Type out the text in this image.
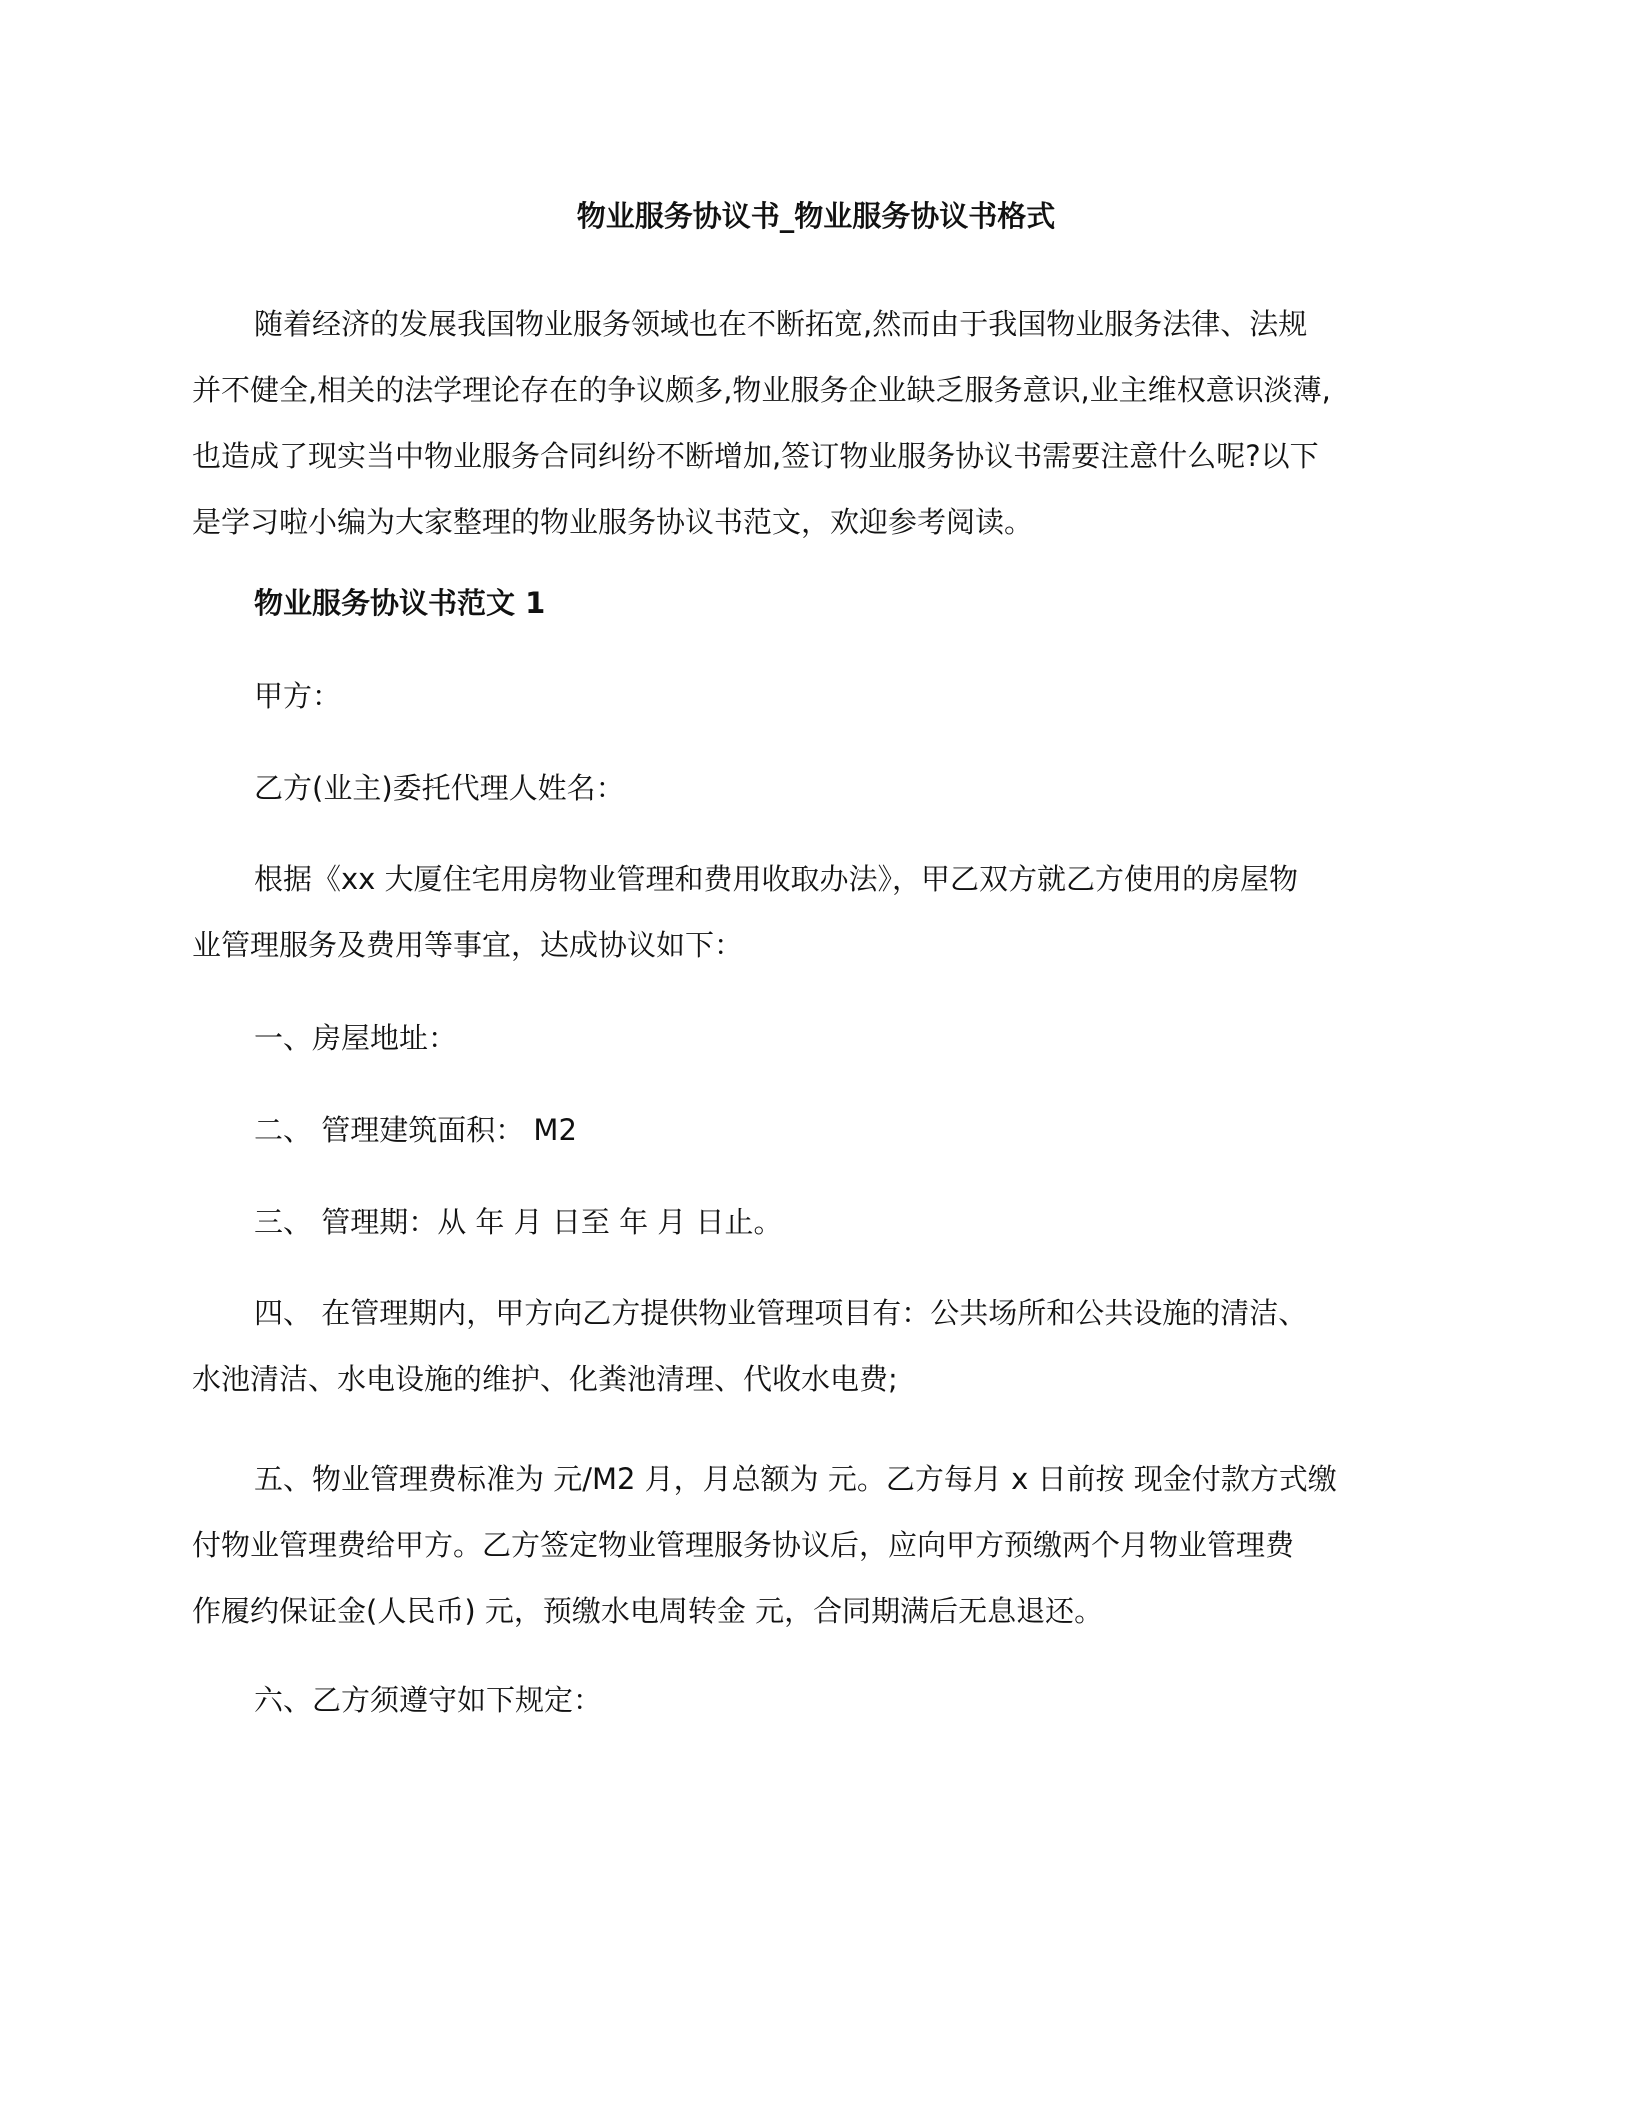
物业服务协议书_物业服务协议书格式
随着经济的发展我国物业服务领域也在不断拓宽,然而由于我国物业服务法律、法规
并不健全,相关的法学理论存在的争议颇多,物业服务企业缺乏服务意识,业主维权意识淡薄,
也造成了现实当中物业服务合同纠纷不断增加,签订物业服务协议书需要注意什么呢?以下
是学习啦小编为大家整理的物业服务协议书范文，欢迎参考阅读。
物业服务协议书范文 1
甲方：
乙方(业主)委托代理人姓名：
根据《xx 大厦住宅用房物业管理和费用收取办法》，甲乙双方就乙方使用的房屋物
业管理服务及费用等事宜，达成协议如下：
一、房屋地址：
二、 管理建筑面积： M2
三、 管理期：从 年 月 日至 年 月 日止。
四、 在管理期内，甲方向乙方提供物业管理项目有：公共场所和公共设施的清洁、
水池清洁、水电设施的维护、化粪池清理、代收水电费;
五、物业管理费标准为 元/M2 月，月总额为 元。乙方每月 x 日前按 现金付款方式缴
付物业管理费给甲方。乙方签定物业管理服务协议后，应向甲方预缴两个月物业管理费
作履约保证金(人民币) 元，预缴水电周转金 元，合同期满后无息退还。
六、乙方须遵守如下规定：
